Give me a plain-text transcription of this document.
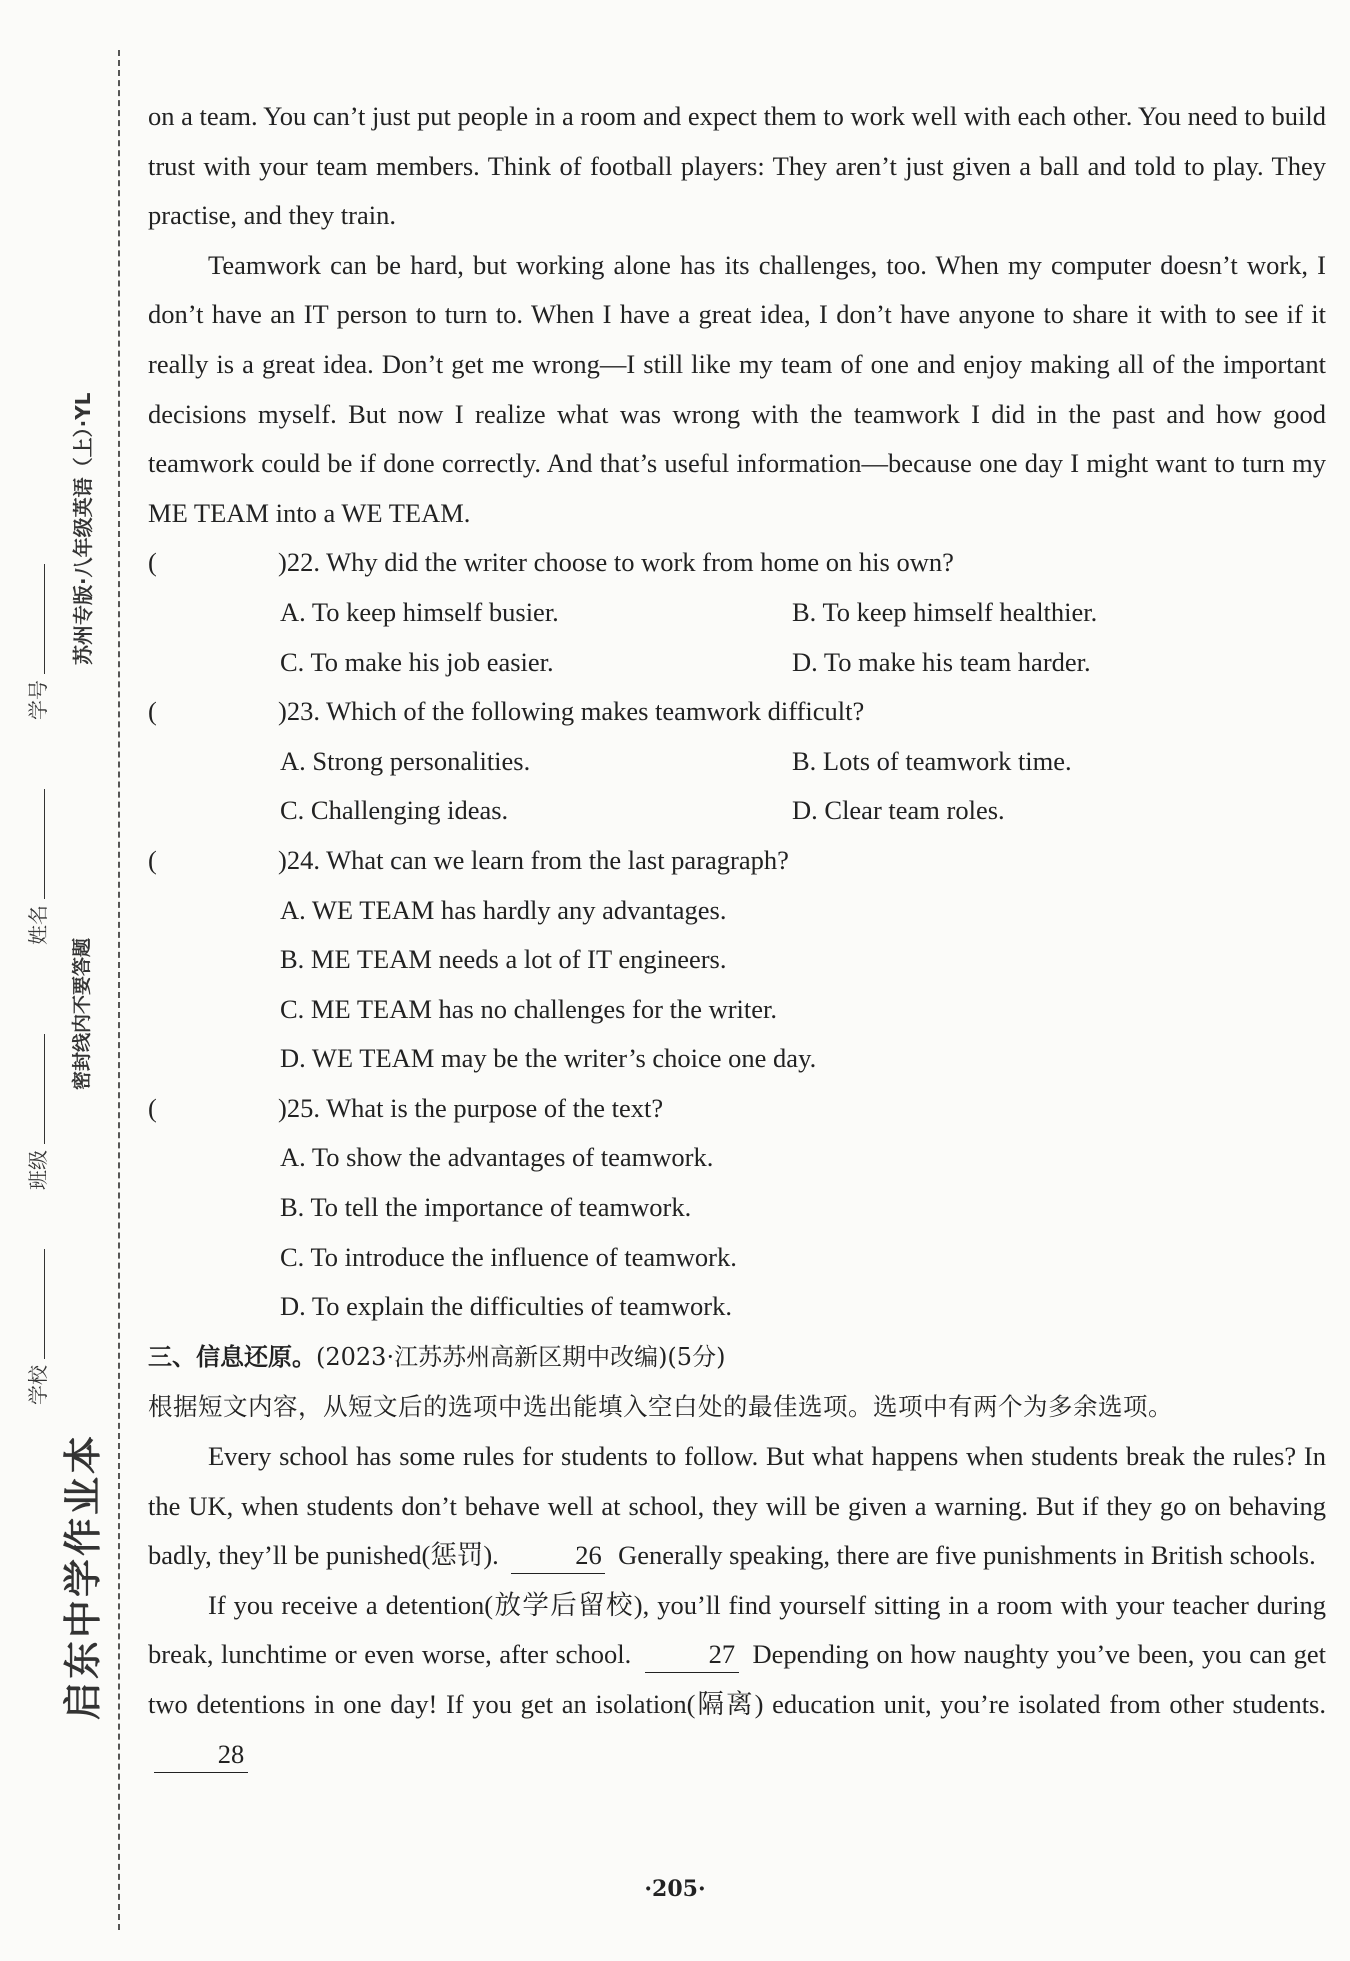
启东中学作业本
学校
班级
姓名
学号
密封线内不要答题
苏州专版·八年级英语（上）·YL

on a team. You can’t just put people in a room and expect them to work well with each other. You need to build trust with your team members. Think of football players: They aren’t just given a ball and told to play. They practise, and they train.

Teamwork can be hard, but working alone has its challenges, too. When my computer doesn’t work, I don’t have an IT person to turn to. When I have a great idea, I don’t have anyone to share it with to see if it really is a great idea. Don’t get me wrong—I still like my team of one and enjoy making all of the important decisions myself. But now I realize what was wrong with the teamwork I did in the past and how good teamwork could be if done correctly. And that’s useful information—because one day I might want to turn my ME TEAM into a WE TEAM.

(	)22. Why did the writer choose to work from home on his own?
A. To keep himself busier.	B. To keep himself healthier.
C. To make his job easier.	D. To make his team harder.
(	)23. Which of the following makes teamwork difficult?
A. Strong personalities.	B. Lots of teamwork time.
C. Challenging ideas.	D. Clear team roles.
(	)24. What can we learn from the last paragraph?
A. WE TEAM has hardly any advantages.
B. ME TEAM needs a lot of IT engineers.
C. ME TEAM has no challenges for the writer.
D. WE TEAM may be the writer’s choice one day.
(	)25. What is the purpose of the text?
A. To show the advantages of teamwork.
B. To tell the importance of teamwork.
C. To introduce the influence of teamwork.
D. To explain the difficulties of teamwork.

三、信息还原。(2023·江苏苏州高新区期中改编)(5分)

根据短文内容，从短文后的选项中选出能填入空白处的最佳选项。选项中有两个为多余选项。

Every school has some rules for students to follow. But what happens when students break the rules? In the UK, when students don’t behave well at school, they will be given a warning. But if they go on behaving badly, they’ll be punished(惩罚).	26 Generally speaking, there are five punishments in British schools.

If you receive a detention(放学后留校), you’ll find yourself sitting in a room with your teacher during break, lunchtime or even worse, after school.	27 Depending on how naughty you’ve been, you can get two detentions in one day! If you get an isolation(隔离) education unit, you’re isolated from other students. 28

·205·
